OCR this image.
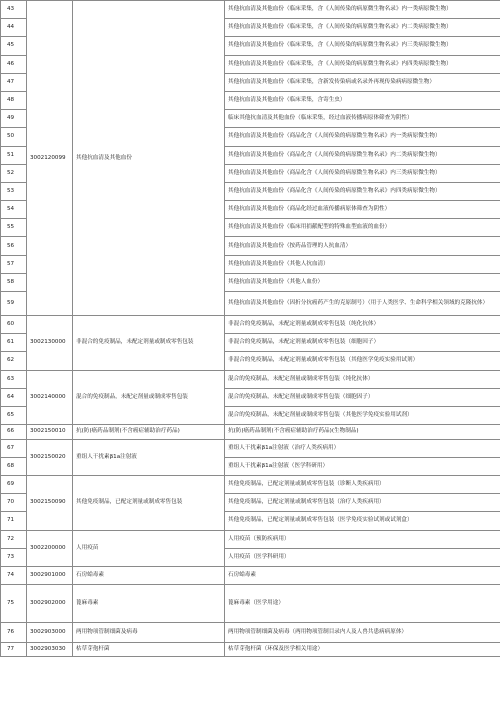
43	3002120099	其他抗血清及其他血份	其他抗血清及其他血份（临床采集，含《人间传染的病原微生物名录》内一类病原微生物）
44			其他抗血清及其他血份（临床采集，含《人间传染的病原微生物名录》内二类病原微生物）
45			其他抗血清及其他血份（临床采集，含《人间传染的病原微生物名录》内三类病原微生物）
46			其他抗血清及其他血份（临床采集，含《人间传染的病原微生物名录》内四类病原微生物）
47			其他抗血清及其他血份（临床采集，含新发传染病或名录外再现传染病病原微生物）
48			其他抗血清及其他血份（临床采集，含寄生虫）
49			临床其他抗血清及其他血份（临床采集，经过血液传播病原体筛查为阴性）
50			其他抗血清及其他血份（商品化含《人间传染的病原微生物名录》内一类病原微生物）
51			其他抗血清及其他血份（商品化含《人间传染的病原微生物名录》内二类病原微生物）
52			其他抗血清及其他血份（商品化含《人间传染的病原微生物名录》内三类病原微生物）
53			其他抗血清及其他血份（商品化含《人间传染的病原微生物名录》内四类病原微生物）
54			其他抗血清及其他血份（商品化经过血液传播病原体筛查为阴性）
55			其他抗血清及其他血份（临床用捐献配型的特殊血型血液的血份）
56			其他抗血清及其他血份（按药品管理的人抗血清）
57			其他抗血清及其他血份（其他人抗血清）
58			其他抗血清及其他血份（其他人血份）
59			其他抗血清及其他血份（因折分抗癌药产生的克原制号）（用于人类医学、生命科学相关领域的克隆抗体）
60	3002130000	非混合的免疫制品，未配定剂量或制成零售包装	非混合的免疫制品，未配定剂量或制成零售包装（纯化抗体）
61			非混合的免疫制品，未配定剂量或制成零售包装（细胞因子）
62			非混合的免疫制品，未配定剂量或制成零售包装（其他医学免疫实验用试剂）
63	3002140000	混合的免疫制品，未配定剂量或制成零售包装	混合的免疫制品，未配定剂量或制成零售包装（纯化抗体）
64			混合的免疫制品，未配定剂量或制成零售包装（细胞因子）
65			混合的免疫制品，未配定剂量或制成零售包装（其他医学免疫实验用试剂）
66	3002150010	抗(防)癌药品制剂(不含癌症辅助治疗药品)	抗(防)癌药品制剂(不含癌症辅助治疗药品)(生物制品)
67	3002150020	重组人干扰素β1a注射液	重组人干扰素β1a注射液（治疗人类疾病用）
68			重组人干扰素β1a注射液（医学科研用）
69	3002150090	其他免疫制品，已配定剂量或制成零售包装	其他免疫制品，已配定剂量或制成零售包装（诊断人类疾病用）
70			其他免疫制品，已配定剂量或制成零售包装（治疗人类疾病用）
71			其他免疫制品，已配定剂量或制成零售包装（医学免疫实验试剂或试剂盒）
72	3002200000	人用疫苗	人用疫苗（预防疾病用）
73			人用疫苗（医学科研用）
74	3002901000	石房蛤毒素	石房蛤毒素
75	3002902000	蓖麻毒素	蓖麻毒素（医学用途）
76	3002903000	两用物项管制细菌及病毒	两用物项管制细菌及病毒（两用物项管制目录内人及人兽共患病病原体）
77	3002903030	枯草芽孢杆菌	枯草芽孢杆菌（环保及医学相关用途）
